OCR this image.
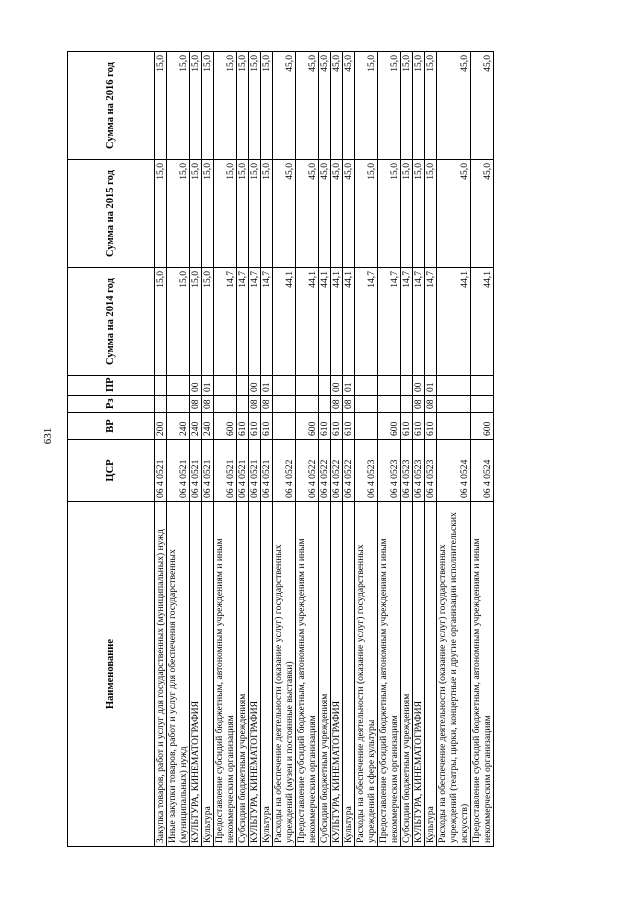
631
Наименование	ЦСР	ВР	Рз	ПР	Сумма на 2014 год	Сумма на 2015 год	Сумма на 2016 год
Закупка товаров, работ и услуг для государственных (муниципальных) нужд	06 4 0521	200			15,0	15,0	15,0
Иные закупки товаров, работ и услуг для обеспечения государственных (муниципальных) нужд	06 4 0521	240			15,0	15,0	15,0
КУЛЬТУРА, КИНЕМАТОГРАФИЯ	06 4 0521	240	08	00	15,0	15,0	15,0
Культура	06 4 0521	240	08	01	15,0	15,0	15,0
Предоставление субсидий бюджетным, автономным учреждениям и иным некоммерческим организациям	06 4 0521	600			14,7	15,0	15,0
Субсидии бюджетным учреждениям	06 4 0521	610			14,7	15,0	15,0
КУЛЬТУРА, КИНЕМАТОГРАФИЯ	06 4 0521	610	08	00	14,7	15,0	15,0
Культура	06 4 0521	610	08	01	14,7	15,0	15,0
Расходы на обеспечение деятельности (оказание услуг) государственных учреждений (музеи и постоянные выставки)	06 4 0522				44,1	45,0	45,0
Предоставление субсидий бюджетным, автономным учреждениям и иным некоммерческим организациям	06 4 0522	600			44,1	45,0	45,0
Субсидии бюджетным учреждениям	06 4 0522	610			44,1	45,0	45,0
КУЛЬТУРА, КИНЕМАТОГРАФИЯ	06 4 0522	610	08	00	44,1	45,0	45,0
Культура	06 4 0522	610	08	01	44,1	45,0	45,0
Расходы на обеспечение деятельности (оказание услуг) государственных учреждений в сфере культуры	06 4 0523				14,7	15,0	15,0
Предоставление субсидий бюджетным, автономным учреждениям и иным некоммерческим организациям	06 4 0523	600			14,7	15,0	15,0
Субсидии бюджетным учреждениям	06 4 0523	610			14,7	15,0	15,0
КУЛЬТУРА, КИНЕМАТОГРАФИЯ	06 4 0523	610	08	00	14,7	15,0	15,0
Культура	06 4 0523	610	08	01	14,7	15,0	15,0
Расходы на обеспечение деятельности (оказание услуг) государственных учреждений (театры, цирки, концертные и другие организации исполнительских искусств)	06 4 0524				44,1	45,0	45,0
Предоставление субсидий бюджетным, автономным учреждениям и иным некоммерческим организациям	06 4 0524	600			44,1	45,0	45,0
